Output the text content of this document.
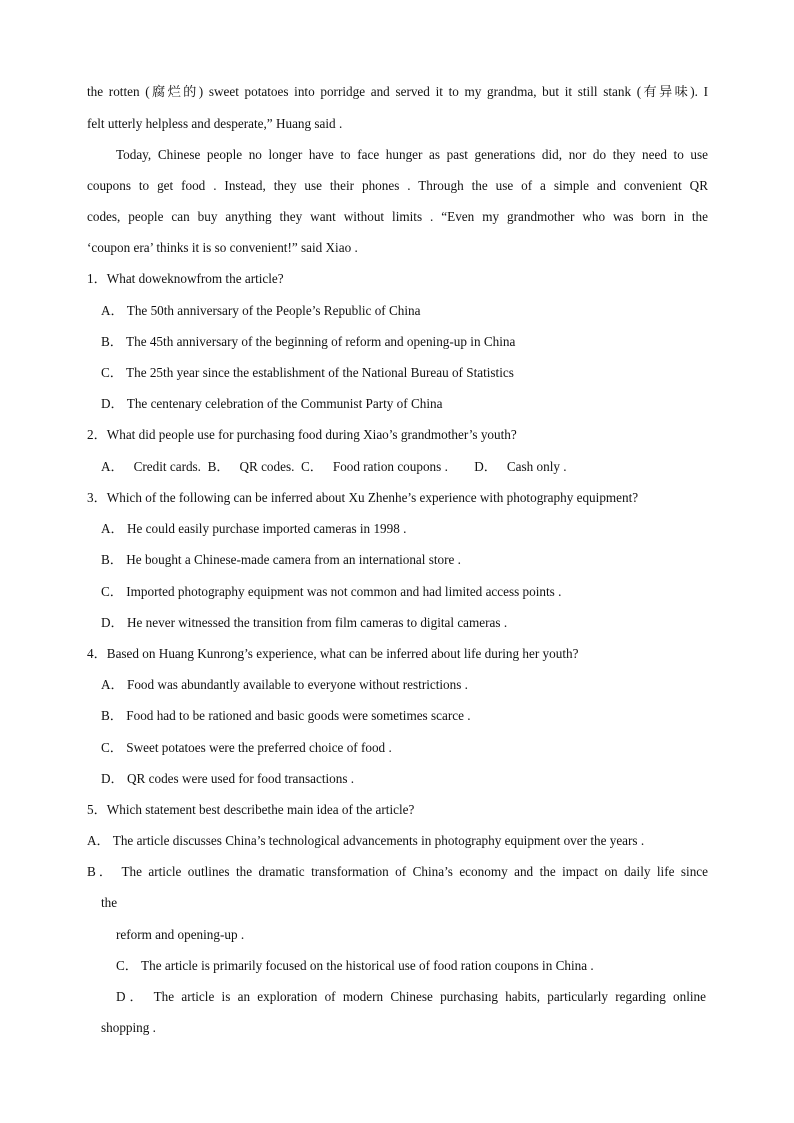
the rotten (腐烂的) sweet potatoes into porridge and served it to my grandma, but it still stank (有异味). I
felt utterly helpless and desperate,” Huang said .
Today, Chinese people no longer have to face hunger as past generations did, nor do they need to use
coupons to get food . Instead, they use their phones . Through the use of a simple and convenient QR
codes, people can buy anything they want without limits . “Even my grandmother who was born in the
‘coupon era’ thinks it is so convenient!” said Xiao .
1．What doweknowfrom the article?
A． The 50th anniversary of the People’s Republic of China
B． The 45th anniversary of the beginning of reform and opening-up in China
C． The 25th year since the establishment of the National Bureau of Statistics
D． The centenary celebration of the Communist Party of China
2．What did people use for purchasing food during Xiao’s grandmother’s youth?
A．   Credit cards.  B．   QR codes.  C．   Food ration coupons .        D．   Cash only .
3．Which of the following can be inferred about Xu Zhenhe’s experience with photography equipment?
A． He could easily purchase imported cameras in 1998 .
B． He bought a Chinese-made camera from an international store .
C． Imported photography equipment was not common and had limited access points .
D． He never witnessed the transition from film cameras to digital cameras .
4．Based on Huang Kunrong’s experience, what can be inferred about life during her youth?
A． Food was abundantly available to everyone without restrictions .
B． Food had to be rationed and basic goods were sometimes scarce .
C． Sweet potatoes were the preferred choice of food .
D． QR codes were used for food transactions .
5．Which statement best describethe main idea of the article?
A． The article discusses China’s technological advancements in photography equipment over the years .
B． The article outlines the dramatic transformation of China’s economy and the impact on daily life since
the
reform and opening-up .
C． The article is primarily focused on the historical use of food ration coupons in China .
D． The article is an exploration of modern Chinese purchasing habits, particularly regarding online
shopping .
